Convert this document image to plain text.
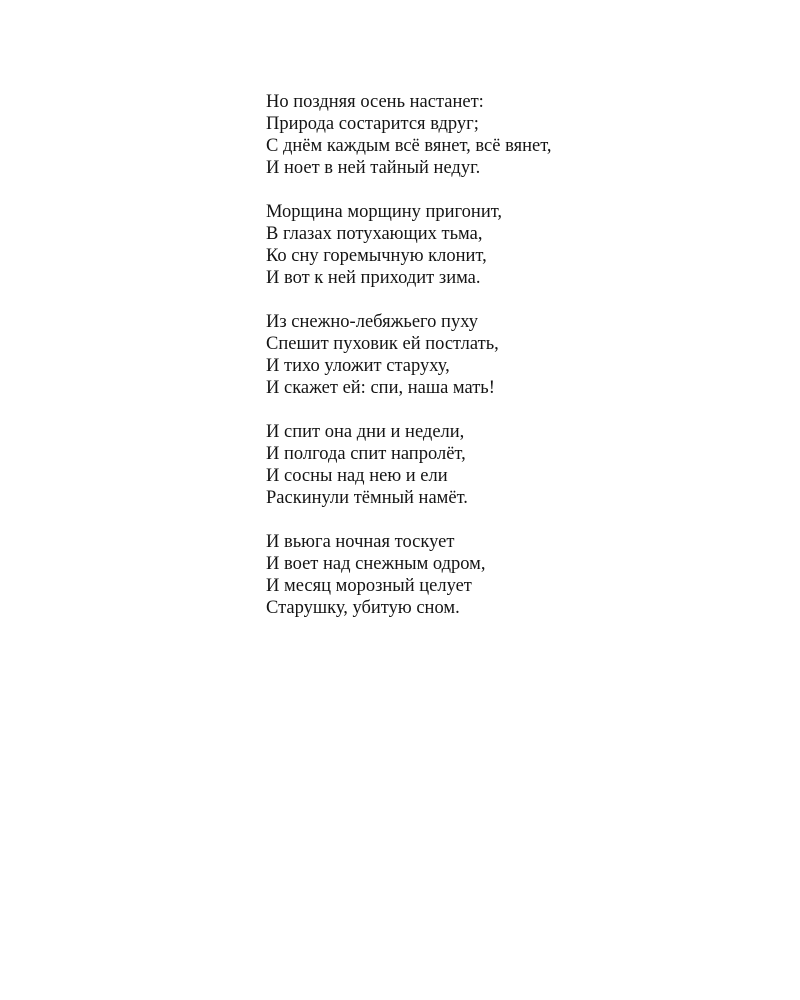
Но поздняя осень настанет:
Природа состарится вдруг;
С днём каждым всё вянет, всё вянет,
И ноет в ней тайный недуг.
Морщина морщину пригонит,
В глазах потухающих тьма,
Ко сну горемычную клонит,
И вот к ней приходит зима.
Из снежно-лебяжьего пуху
Спешит пуховик ей постлать,
И тихо уложит старуху,
И скажет ей: спи, наша мать!
И спит она дни и недели,
И полгода спит напролёт,
И сосны над нею и ели
Раскинули тёмный намёт.
И вьюга ночная тоскует
И воет над снежным одром,
И месяц морозный целует
Старушку, убитую сном.
